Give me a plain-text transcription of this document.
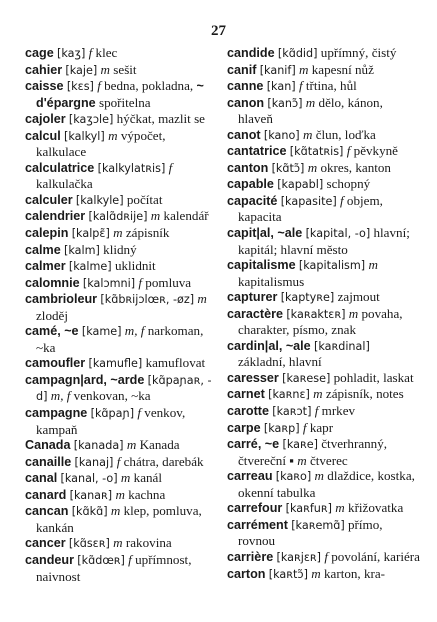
27

cage [kaʒ] f klec

cahier [kaje] m sešit

caisse [kɛs] f bedna, pokladna, ~ d'épargne spořitelna

cajoler [kaʒɔle] hýčkat, mazlit se

calcul [kalkyl] m výpočet, kalkulace

calculatrice [kalkylatʀis] f kalkulačka

calculer [kalkyle] počítat

calendrier [kalɑ̃dʀije] m kalendář

calepin [kalpɛ̃] m zápisník

calme [kalm] klidný

calmer [kalme] uklidnit

calomnie [kalɔmni] f pomluva

cambrioleur [kɑ̃bʀijɔlœʀ, -øz] m zloděj

camé, ~e [kame] m, f narkoman, ~ka

camoufler [kamufle] kamuflovat

campagn|ard, ~arde [kɑ̃paɲaʀ, -d] m, f venkovan, ~ka

campagne [kɑ̃paɲ] f venkov, kampaň

Canada [kanada] m Kanada

canaille [kanaj] f chátra, darebák

canal [kanal, -o] m kanál

canard [kanaʀ] m kachna

cancan [kɑ̃kɑ̃] m klep, pomluva, kankán

cancer [kɑ̃sɛʀ] m rakovina

candeur [kɑ̃dœʀ] f upřímnost, naivnost

candide [kɑ̃did] upřímný, čistý

canif [kanif] m kapesní nůž

canne [kan] f třtina, hůl

canon [kanɔ̃] m dělo, kánon, hlaveň

canot [kano] m člun, loďka

cantatrice [kɑ̃tatʀis] f pěvkyně

canton [kɑ̃tɔ̃] m okres, kanton

capable [kapabl] schopný

capacité [kapasite] f objem, kapacita

capit|al, ~ale [kapital, -o] hlavní; kapitál; hlavní město

capitalisme [kapitalism] m kapitalismus

capturer [kaptyʀe] zajmout

caractère [kaʀaktɛʀ] m povaha, charakter, písmo, znak

cardin|al, ~ale [kaʀdinal] základní, hlavní

caresser [kaʀese] pohladit, laskat

carnet [kaʀnɛ] m zápisník, notes

carotte [kaʀɔt] f mrkev

carpe [kaʀp] f kapr

carré, ~e [kaʀe] čtverhranný, čtvereční ▪ m čtverec

carreau [kaʀo] m dlaždice, kostka, okenní tabulka

carrefour [kaʀfuʀ] m křižovatka

carrément [kaʀemɑ̃] přímo, rovnou

carrière [kaʀjɛʀ] f povolání, kariéra

carton [kaʀtɔ̃] m karton, kra-
